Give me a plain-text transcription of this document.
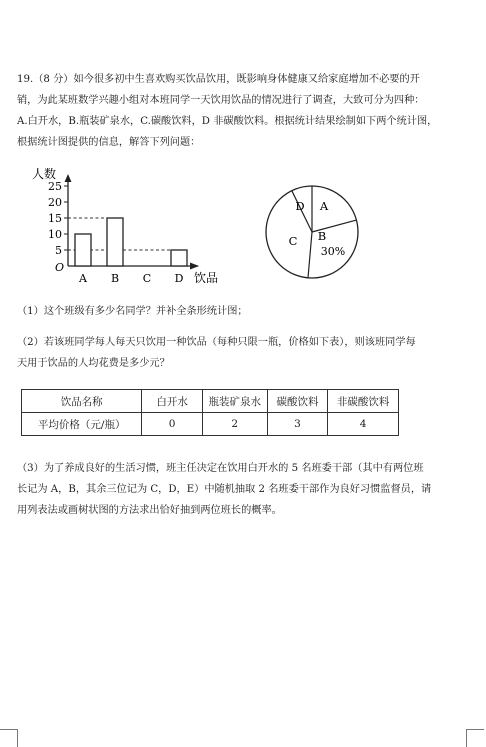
19.（8 分）如今很多初中生喜欢购买饮品饮用，既影响身体健康又给家庭增加不必要的开
销，为此某班数学兴趣小组对本班同学一天饮用饮品的情况进行了调查，大致可分为四种：
A.白开水，B.瓶装矿泉水，C.碳酸饮料，D 非碳酸饮料。根据统计结果绘制如下两个统计图，
根据统计图提供的信息，解答下列问题：
人数
O
5
10
15
20
25
A B C D 饮品
A
B
C
D
30%
（1）这个班级有多少名同学？并补全条形统计图；
（2）若该班同学每人每天只饮用一种饮品（每种只限一瓶，价格如下表），则该班同学每
天用于饮品的人均花费是多少元？
饮品名称	白开水	瓶装矿泉水	碳酸饮料	非碳酸饮料
平均价格（元/瓶）	0	2	3	4
（3）为了养成良好的生活习惯，班主任决定在饮用白开水的 5 名班委干部（其中有两位班
长记为 A，B，其余三位记为 C，D，E）中随机抽取 2 名班委干部作为良好习惯监督员，请
用列表法或画树状图的方法求出恰好抽到两位班长的概率。
